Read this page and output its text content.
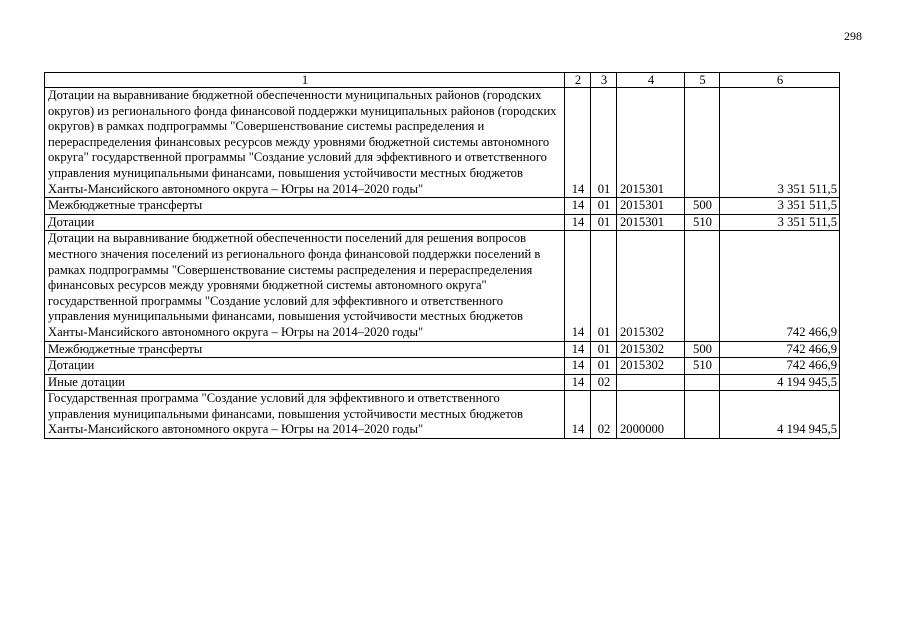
298
1	2	3	4	5	6
Дотации на выравнивание бюджетной обеспеченности муниципальных районов (городских округов) из регионального фонда финансовой поддержки муниципальных районов (городских округов) в рамках подпрограммы "Совершенствование системы распределения и перераспределения финансовых ресурсов между уровнями бюджетной системы автономного округа" государственной программы "Создание условий для эффективного и ответственного управления муниципальными финансами, повышения устойчивости местных бюджетов Ханты-Мансийского автономного округа – Югры на 2014–2020 годы"	14	01	2015301		3 351 511,5
Межбюджетные трансферты	14	01	2015301	500	3 351 511,5
Дотации	14	01	2015301	510	3 351 511,5
Дотации на выравнивание бюджетной обеспеченности поселений для решения вопросов местного значения поселений из регионального фонда финансовой поддержки поселений в рамках подпрограммы "Совершенствование системы распределения и перераспределения финансовых ресурсов между уровнями бюджетной системы автономного округа" государственной программы "Создание условий для эффективного и ответственного управления муниципальными финансами, повышения устойчивости местных бюджетов Ханты-Мансийского автономного округа – Югры на 2014–2020 годы"	14	01	2015302		742 466,9
Межбюджетные трансферты	14	01	2015302	500	742 466,9
Дотации	14	01	2015302	510	742 466,9
Иные дотации	14	02			4 194 945,5
Государственная программа "Создание условий для эффективного и ответственного управления муниципальными финансами, повышения устойчивости местных бюджетов Ханты-Мансийского автономного округа – Югры на 2014–2020 годы"	14	02	2000000		4 194 945,5
